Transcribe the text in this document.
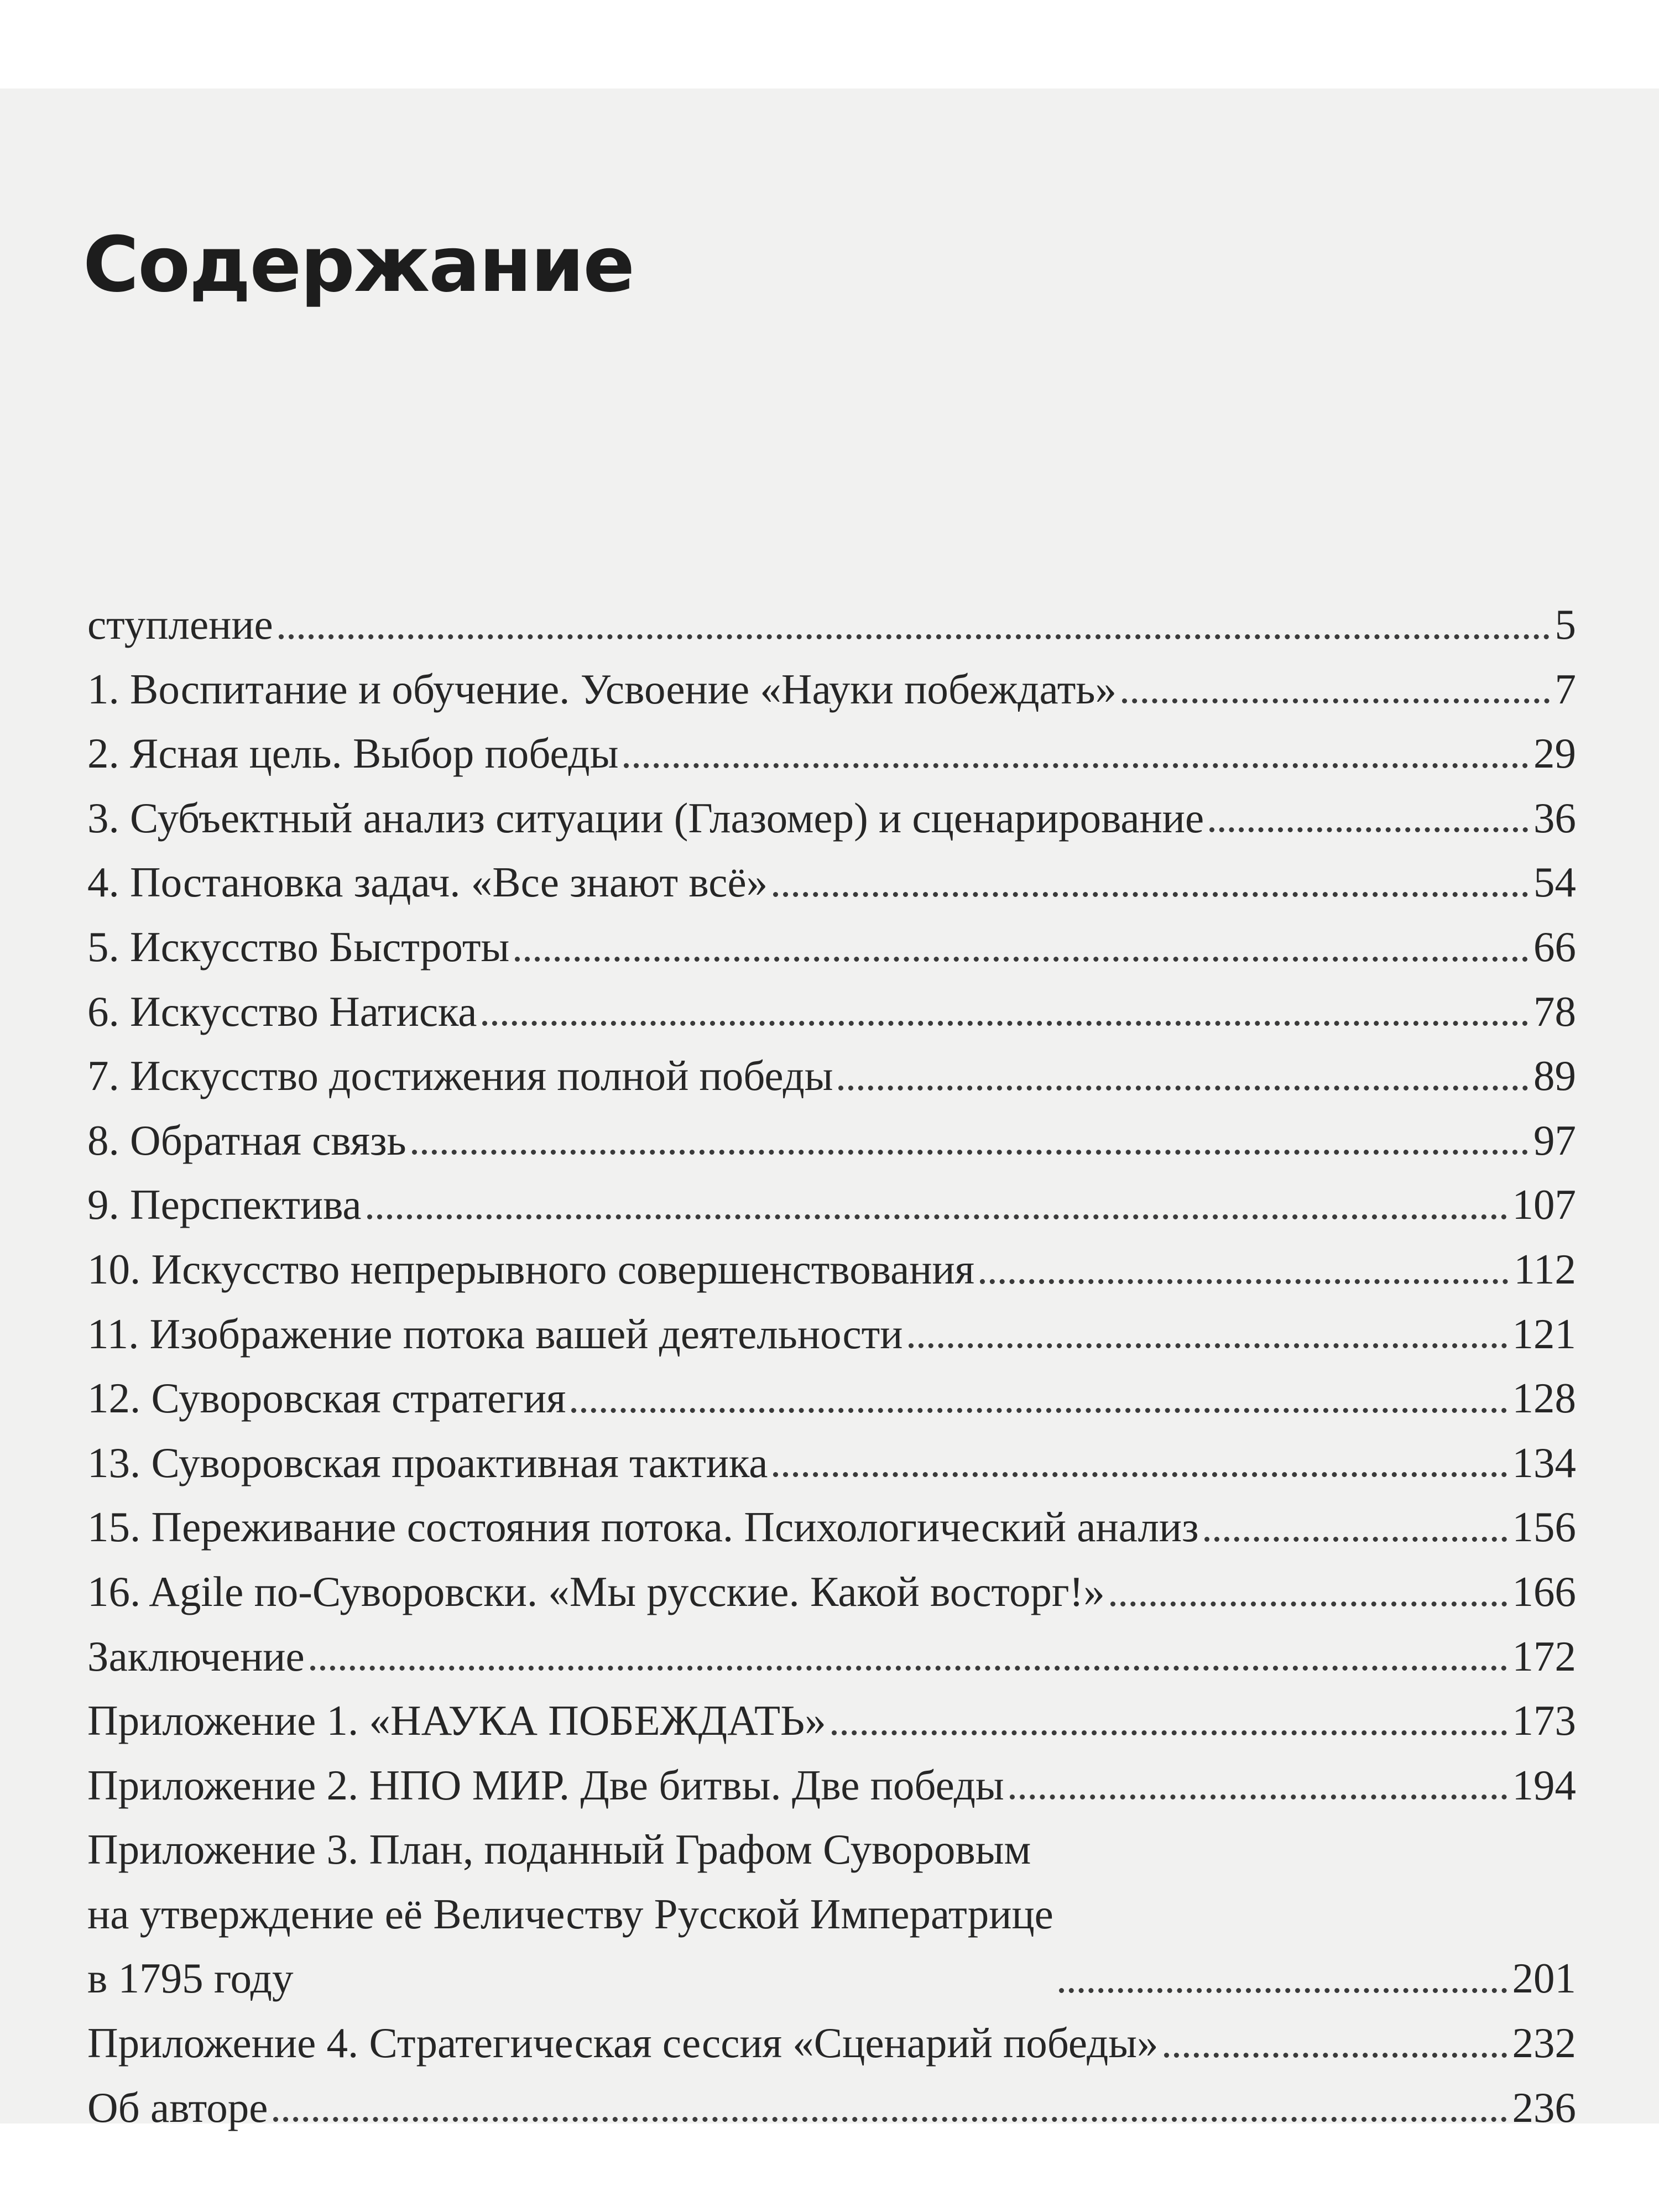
Содержание
ступление	5
1. Воспитание и обучение. Усвоение «Науки побеждать»	7
2. Ясная цель. Выбор победы	29
3. Субъектный анализ ситуации (Глазомер) и сценарирование	36
4. Постановка задач. «Все знают всё»	54
5. Искусство Быстроты	66
6. Искусство Натиска	78
7. Искусство достижения полной победы	89
8. Обратная связь	97
9. Перспектива	107
10. Искусство непрерывного совершенствования	112
11. Изображение потока вашей деятельности	121
12. Суворовская стратегия	128
13. Суворовская проактивная тактика	134
15. Переживание состояния потока. Психологический анализ	156
16. Agile по-Суворовски. «Мы русские. Какой восторг!»	166
Заключение	172
Приложение 1. «НАУКА ПОБЕЖДАТЬ»	173
Приложение 2. НПО МИР. Две битвы. Две победы	194
Приложение 3. План, поданный Графом Суворовым
на утверждение её Величеству Русской Императрице
в 1795 году	201
Приложение 4. Стратегическая сессия «Сценарий победы»	232
Об авторе	236
